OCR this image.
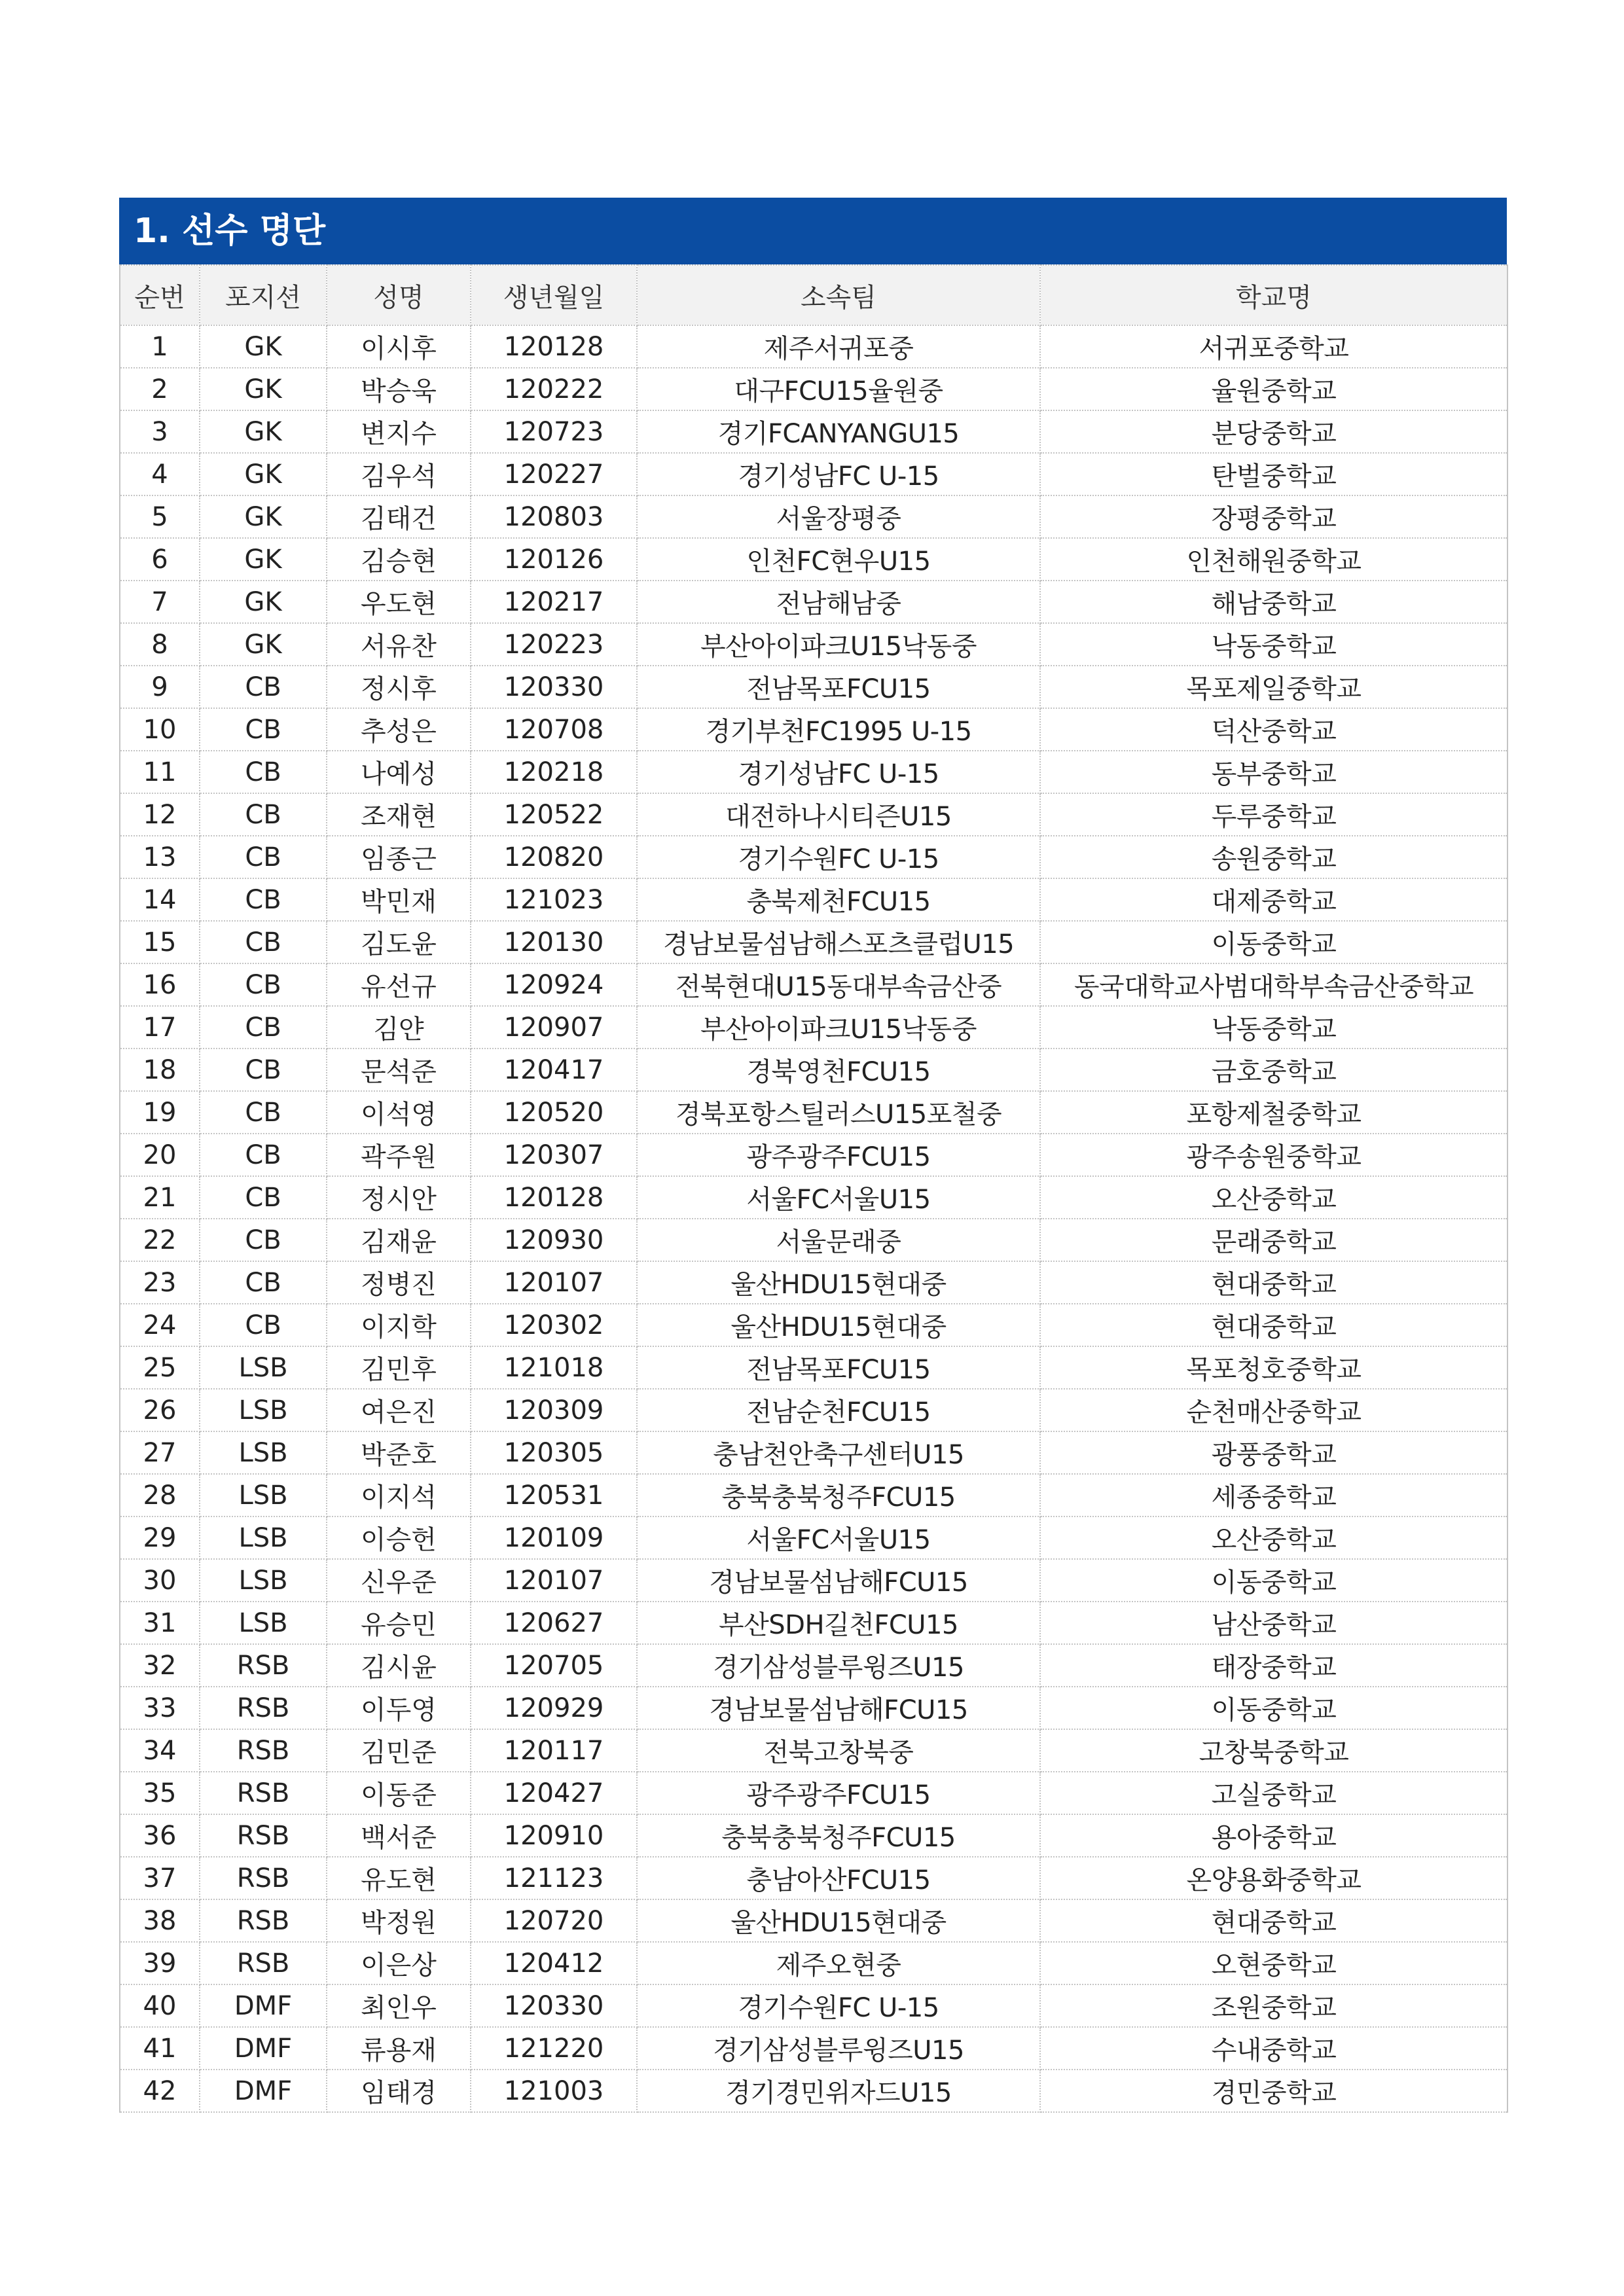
1. 선수 명단
순번	포지션	성명	생년월일	소속팀	학교명
1	GK	이시후	120128	제주서귀포중	서귀포중학교
2	GK	박승욱	120222	대구FCU15율원중	율원중학교
3	GK	변지수	120723	경기FCANYANGU15	분당중학교
4	GK	김우석	120227	경기성남FC U-15	탄벌중학교
5	GK	김태건	120803	서울장평중	장평중학교
6	GK	김승현	120126	인천FC현우U15	인천해원중학교
7	GK	우도현	120217	전남해남중	해남중학교
8	GK	서유찬	120223	부산아이파크U15낙동중	낙동중학교
9	CB	정시후	120330	전남목포FCU15	목포제일중학교
10	CB	추성은	120708	경기부천FC1995 U-15	덕산중학교
11	CB	나예성	120218	경기성남FC U-15	동부중학교
12	CB	조재현	120522	대전하나시티즌U15	두루중학교
13	CB	임종근	120820	경기수원FC U-15	송원중학교
14	CB	박민재	121023	충북제천FCU15	대제중학교
15	CB	김도윤	120130	경남보물섬남해스포츠클럽U15	이동중학교
16	CB	유선규	120924	전북현대U15동대부속금산중	동국대학교사범대학부속금산중학교
17	CB	김얀	120907	부산아이파크U15낙동중	낙동중학교
18	CB	문석준	120417	경북영천FCU15	금호중학교
19	CB	이석영	120520	경북포항스틸러스U15포철중	포항제철중학교
20	CB	곽주원	120307	광주광주FCU15	광주송원중학교
21	CB	정시안	120128	서울FC서울U15	오산중학교
22	CB	김재윤	120930	서울문래중	문래중학교
23	CB	정병진	120107	울산HDU15현대중	현대중학교
24	CB	이지학	120302	울산HDU15현대중	현대중학교
25	LSB	김민후	121018	전남목포FCU15	목포청호중학교
26	LSB	여은진	120309	전남순천FCU15	순천매산중학교
27	LSB	박준호	120305	충남천안축구센터U15	광풍중학교
28	LSB	이지석	120531	충북충북청주FCU15	세종중학교
29	LSB	이승헌	120109	서울FC서울U15	오산중학교
30	LSB	신우준	120107	경남보물섬남해FCU15	이동중학교
31	LSB	유승민	120627	부산SDH길천FCU15	남산중학교
32	RSB	김시윤	120705	경기삼성블루윙즈U15	태장중학교
33	RSB	이두영	120929	경남보물섬남해FCU15	이동중학교
34	RSB	김민준	120117	전북고창북중	고창북중학교
35	RSB	이동준	120427	광주광주FCU15	고실중학교
36	RSB	백서준	120910	충북충북청주FCU15	용아중학교
37	RSB	유도현	121123	충남아산FCU15	온양용화중학교
38	RSB	박정원	120720	울산HDU15현대중	현대중학교
39	RSB	이은상	120412	제주오현중	오현중학교
40	DMF	최인우	120330	경기수원FC U-15	조원중학교
41	DMF	류용재	121220	경기삼성블루윙즈U15	수내중학교
42	DMF	임태경	121003	경기경민위자드U15	경민중학교
